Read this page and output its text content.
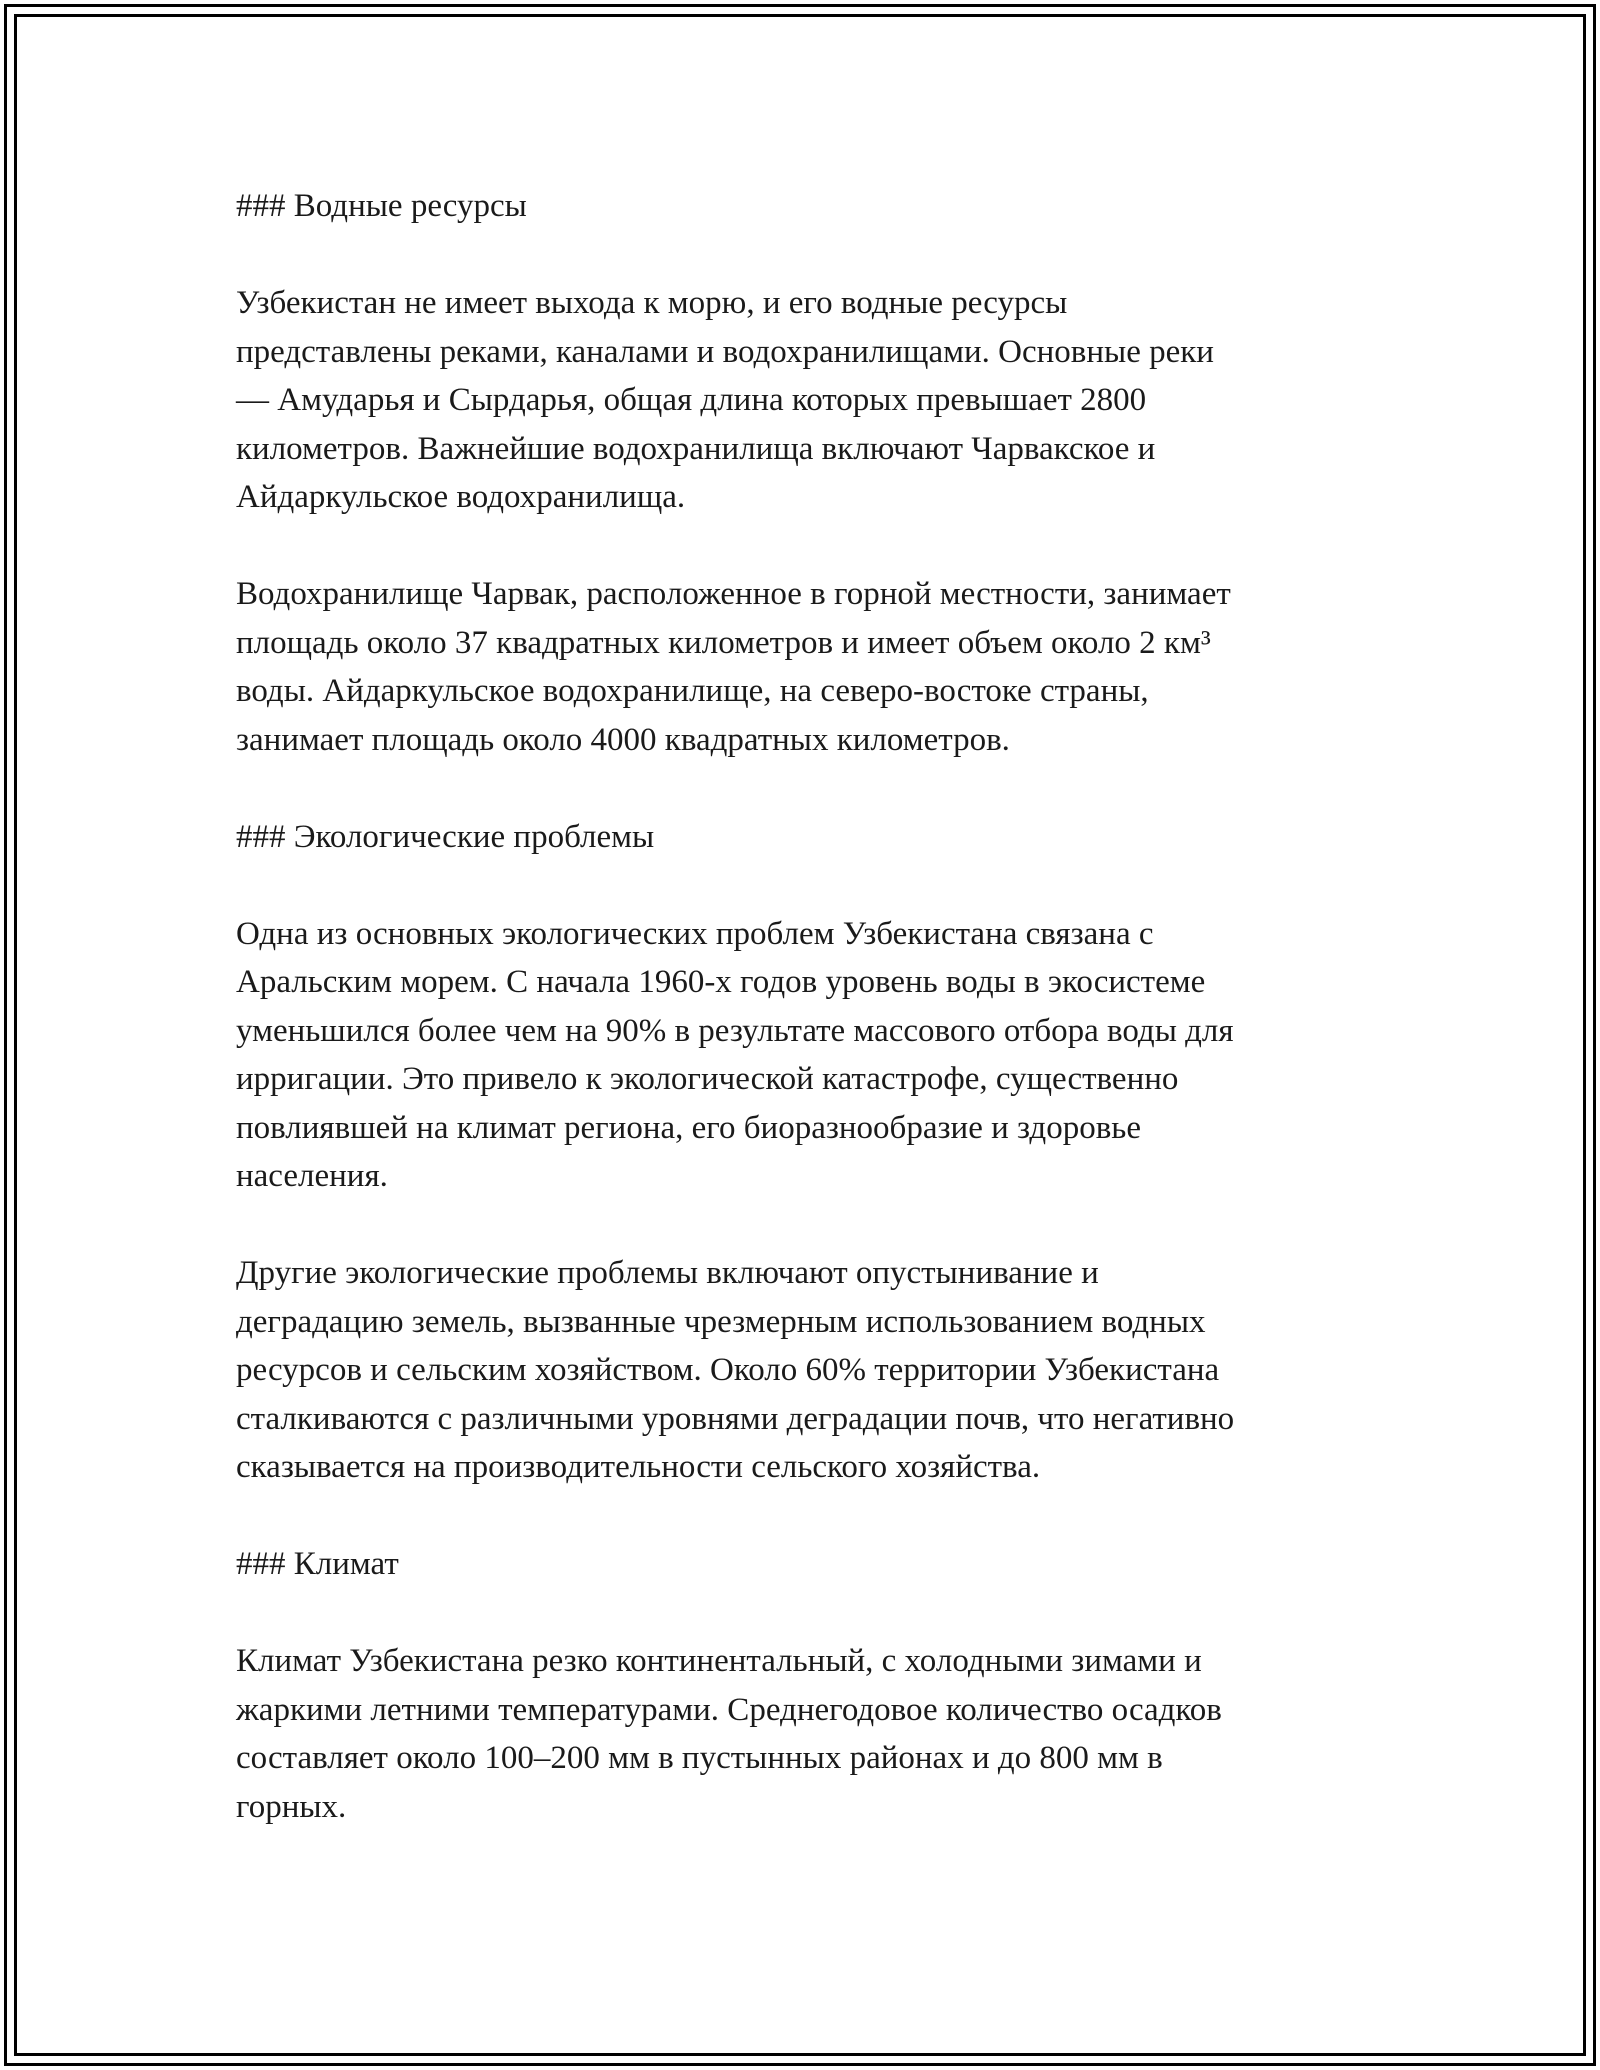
### Водные ресурсы

Узбекистан не имеет выхода к морю, и его водные ресурсы
представлены реками, каналами и водохранилищами. Основные реки
— Амударья и Сырдарья, общая длина которых превышает 2800
километров. Важнейшие водохранилища включают Чарвакское и
Айдаркульское водохранилища.

Водохранилище Чарвак, расположенное в горной местности, занимает
площадь около 37 квадратных километров и имеет объем около 2 км³
воды. Айдаркульское водохранилище, на северо-востоке страны,
занимает площадь около 4000 квадратных километров.

### Экологические проблемы

Одна из основных экологических проблем Узбекистана связана с
Аральским морем. С начала 1960-х годов уровень воды в экосистеме
уменьшился более чем на 90% в результате массового отбора воды для
ирригации. Это привело к экологической катастрофе, существенно
повлиявшей на климат региона, его биоразнообразие и здоровье
населения.

Другие экологические проблемы включают опустынивание и
деградацию земель, вызванные чрезмерным использованием водных
ресурсов и сельским хозяйством. Около 60% территории Узбекистана
сталкиваются с различными уровнями деградации почв, что негативно
сказывается на производительности сельского хозяйства.

### Климат

Климат Узбекистана резко континентальный, с холодными зимами и
жаркими летними температурами. Среднегодовое количество осадков
составляет около 100–200 мм в пустынных районах и до 800 мм в
горных.
